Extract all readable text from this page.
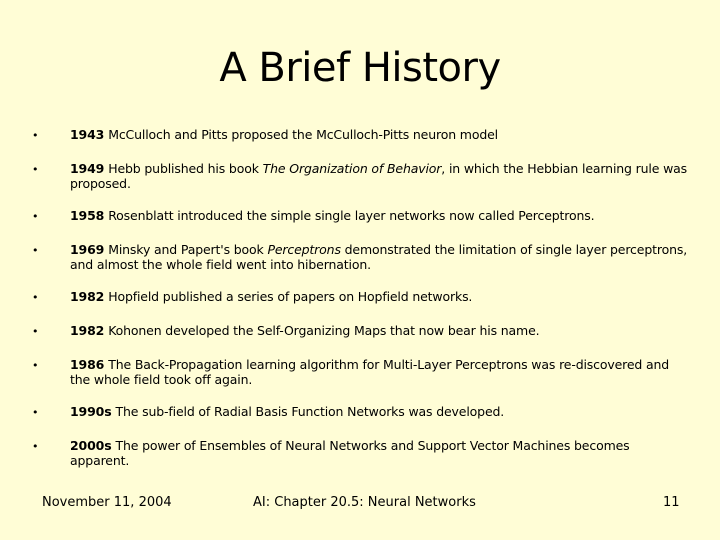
A Brief History
•	1943 McCulloch and Pitts proposed the McCulloch-Pitts neuron model
•	1949 Hebb published his book The Organization of Behavior, in which the Hebbian learning rule was proposed.
•	1958 Rosenblatt introduced the simple single layer networks now called Perceptrons.
•	1969 Minsky and Papert's book Perceptrons demonstrated the limitation of single layer perceptrons, and almost the whole field went into hibernation.
•	1982 Hopfield published a series of papers on Hopfield networks.
•	1982 Kohonen developed the Self-Organizing Maps that now bear his name.
•	1986 The Back-Propagation learning algorithm for Multi-Layer Perceptrons was re-discovered and the whole field took off again.
•	1990s The sub-field of Radial Basis Function Networks was developed.
•	2000s The power of Ensembles of Neural Networks and Support Vector Machines becomes apparent.
November 11, 2004	AI: Chapter 20.5: Neural Networks	11
